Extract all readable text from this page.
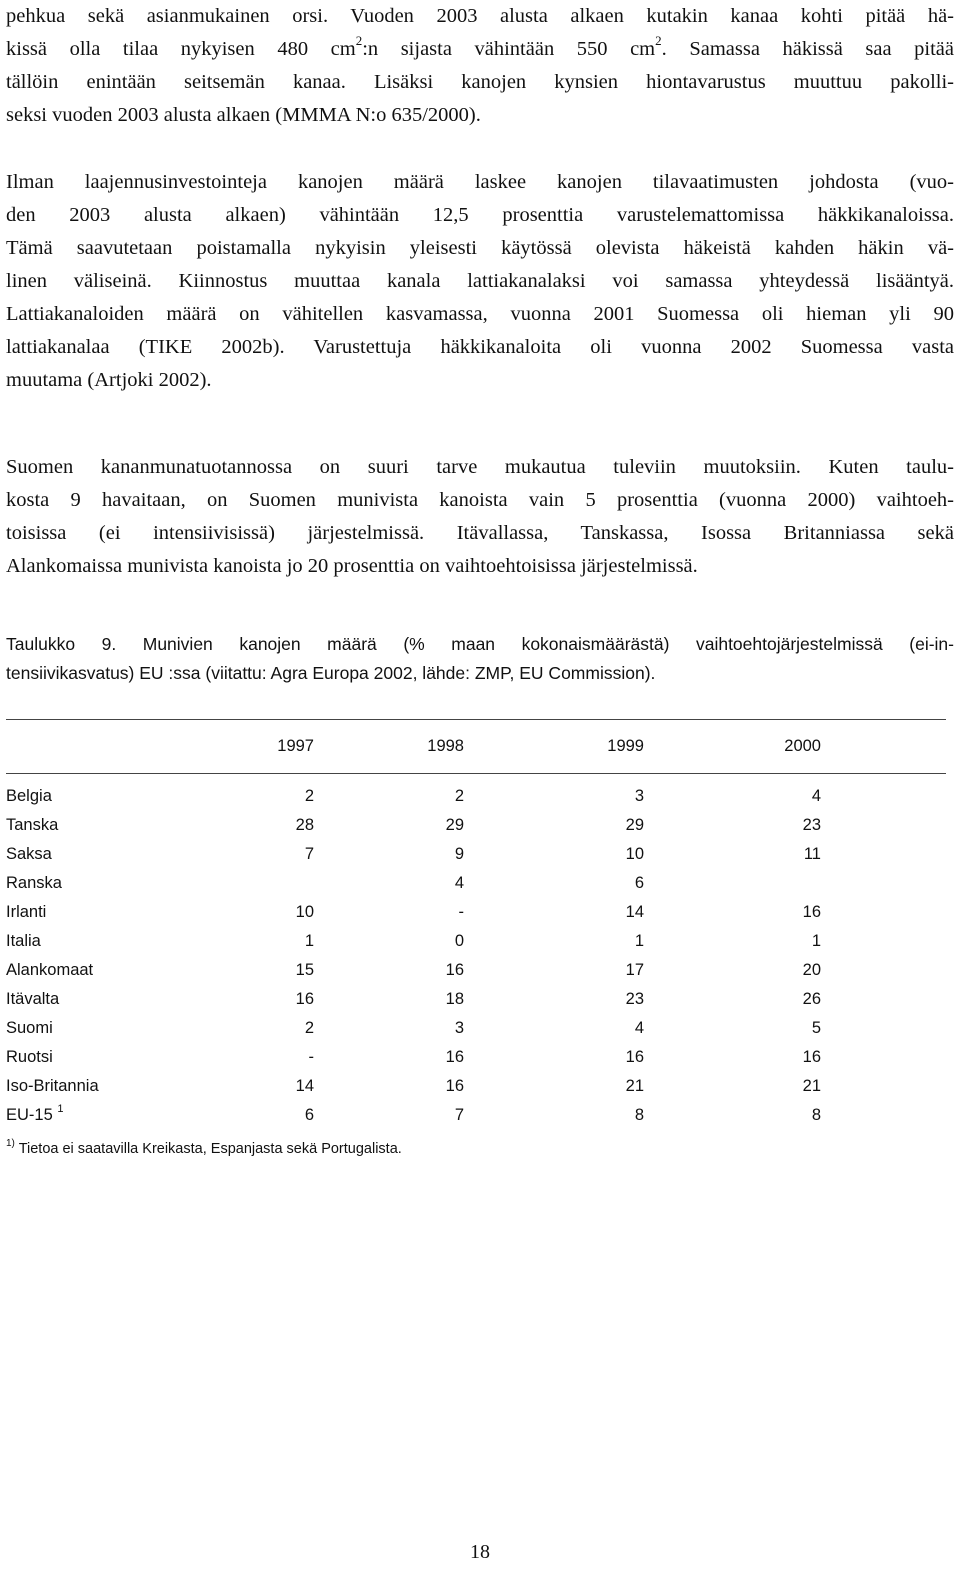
pehkua sekä asianmukainen orsi. Vuoden 2003 alusta alkaen kutakin kanaa kohti pitää hä-
kissä olla tilaa nykyisen 480 $cm^2:n$ sijasta vähintään 550 $cm^2$. Samassa häkissä saa pitää
tällöin enintään seitsemän kanaa. Lisäksi kanojen kynsien hiontavarustus muuttuu pakolli-
seksi vuoden 2003 alusta alkaen (MMMA N:o 635/2000).

Ilman laajennusinvestointeja kanojen määrä laskee kanojen tilavaatimusten johdosta (vuo-
den 2003 alusta alkaen) vähintään 12,5 prosenttia varustelemattomissa häkkikanaloissa.
Tämä saavutetaan poistamalla nykyisin yleisesti käytössä olevista häkeistä kahden häkin vä-
linen väliseinä. Kiinnostus muuttaa kanala lattiakanalaksi voi samassa yhteydessä lisääntyä.
Lattiakanaloiden määrä on vähitellen kasvamassa, vuonna 2001 Suomessa oli hieman yli 90
lattiakanalaa (TIKE 2002b). Varustettuja häkkikanaloita oli vuonna 2002 Suomessa vasta
muutama (Artjoki 2002).

Suomen kananmunatuotannossa on suuri tarve mukautua tuleviin muutoksiin. Kuten taulu-
kosta 9 havaitaan, on Suomen munivista kanoista vain 5 prosenttia (vuonna 2000) vaihtoeh-
toisissa (ei intensiivisissä) järjestelmissä. Itävallassa, Tanskassa, Isossa Britanniassa sekä
Alankomaissa munivista kanoista jo 20 prosenttia on vaihtoehtoisissa järjestelmissä.

Taulukko 9. Munivien kanojen määrä (% maan kokonaismäärästä) vaihtoehtojärjestelmissä (ei-in-
tensiivikasvatus) EU :ssa (viitattu: Agra Europa 2002, lähde: ZMP, EU Commission).

	1997	1998	1999	2000	
Belgia	2	2	3	4	
Tanska	28	29	29	23	
Saksa	7	9	10	11	
Ranska		4	6		
Irlanti	10	-	14	16	
Italia	1	0	1	1	
Alankomaat	15	16	17	20	
Itävalta	16	18	23	26	
Suomi	2	3	4	5	
Ruotsi	-	16	16	16	
Iso-Britannia	14	16	21	21	
EU-15 $^1$	6	7	8	8	
$^{1)}$ Tietoa ei saatavilla Kreikasta, Espanjasta sekä Portugalista.
18
